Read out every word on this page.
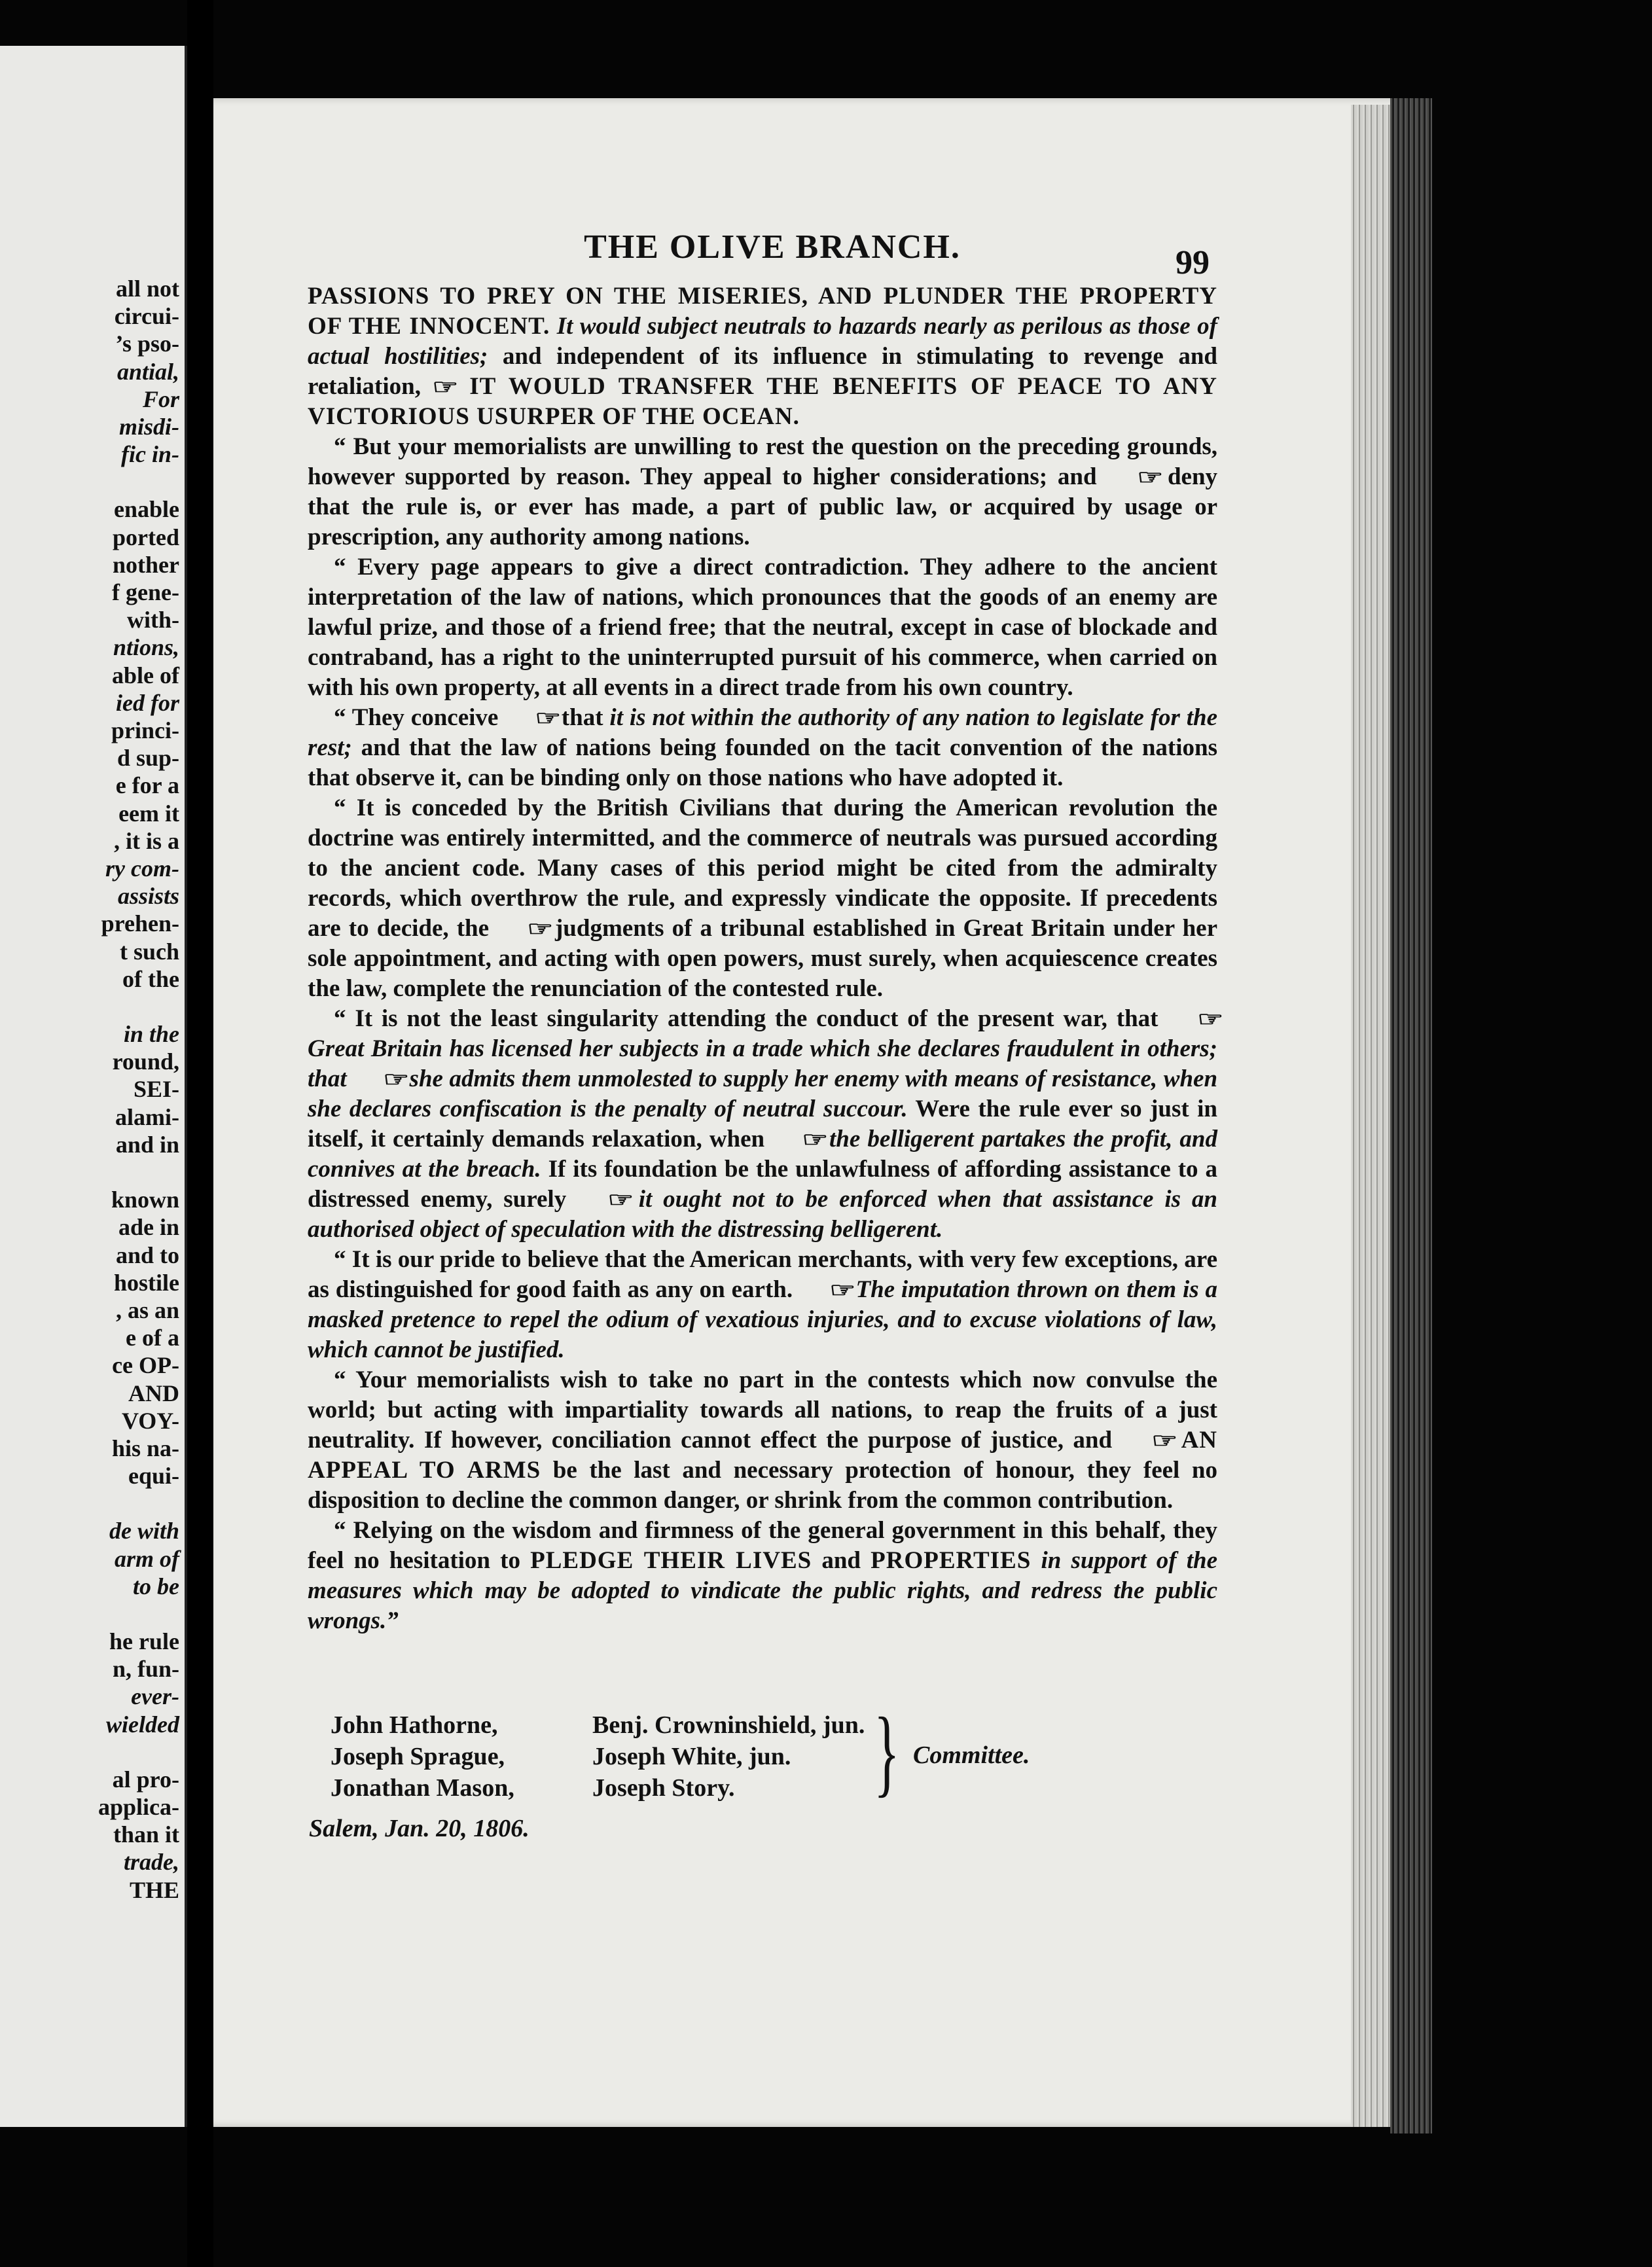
all not
circui-
’s pso-
antial,
For
misdi-
fic in-
enable
ported
nother
f gene-
with-
ntions,
able of
ied for
princi-
d sup-
e for a
eem it
, it is a
ry com-
assists
prehen-
t such
of the
in the
round,
SEI-
alami-
and in
known
ade in
and to
hostile
, as an
e of a
ce OP-
AND
VOY-
his na-
equi-
de with
arm of
to be
he rule
n, fun-
ever-
wielded
al pro-
applica-
than it
trade,
THE
THE OLIVE BRANCH.	99

PASSIONS TO PREY ON THE MISERIES, AND PLUNDER THE PROPERTY OF THE INNOCENT. It would subject neutrals to hazards nearly as perilous as those of actual hostilities; and independent of its influence in stimulating to revenge and retaliation, ☞ IT WOULD TRANSFER THE BENEFITS OF PEACE TO ANY VICTORIOUS USURPER OF THE OCEAN.

“ But your memorialists are unwilling to rest the question on the preceding grounds, however supported by reason. They appeal to higher considerations; and ☞ deny that the rule is, or ever has made, a part of public law, or acquired by usage or prescription, any authority among nations.

“ Every page appears to give a direct contradiction. They adhere to the ancient interpretation of the law of nations, which pronounces that the goods of an enemy are lawful prize, and those of a friend free; that the neutral, except in case of blockade and contraband, has a right to the uninterrupted pursuit of his commerce, when carried on with his own property, at all events in a direct trade from his own country.

“ They conceive ☞ that it is not within the authority of any nation to legislate for the rest; and that the law of nations being founded on the tacit convention of the nations that observe it, can be binding only on those nations who have adopted it.

“ It is conceded by the British Civilians that during the American revolution the doctrine was entirely intermitted, and the commerce of neutrals was pursued according to the ancient code. Many cases of this period might be cited from the admiralty records, which overthrow the rule, and expressly vindicate the opposite. If precedents are to decide, the ☞ judgments of a tribunal established in Great Britain under her sole appointment, and acting with open powers, must surely, when acquiescence creates the law, complete the renunciation of the contested rule.

“ It is not the least singularity attending the conduct of the present war, that ☞ Great Britain has licensed her subjects in a trade which she declares fraudulent in others; that ☞ she admits them unmolested to supply her enemy with means of resistance, when she declares confiscation is the penalty of neutral succour. Were the rule ever so just in itself, it certainly demands relaxation, when ☞ the belligerent partakes the profit, and connives at the breach. If its foundation be the unlawfulness of affording assistance to a distressed enemy, surely ☞ it ought not to be enforced when that assistance is an authorised object of speculation with the distressing belligerent.

“ It is our pride to believe that the American merchants, with very few exceptions, are as distinguished for good faith as any on earth. ☞ The imputation thrown on them is a masked pretence to repel the odium of vexatious injuries, and to excuse violations of law, which cannot be justified.

“ Your memorialists wish to take no part in the contests which now convulse the world; but acting with impartiality towards all nations, to reap the fruits of a just neutrality. If however, conciliation cannot effect the purpose of justice, and ☞ AN APPEAL TO ARMS be the last and necessary protection of honour, they feel no disposition to decline the common danger, or shrink from the common contribution.

“ Relying on the wisdom and firmness of the general government in this behalf, they feel no hesitation to PLEDGE THEIR LIVES and PROPERTIES in support of the measures which may be adopted to vindicate the public rights, and redress the public wrongs.”

John Hathorne,
Joseph Sprague,
Jonathan Mason,
Benj. Crowninshield, jun.
Joseph White, jun.
Joseph Story.	} Committee.
Salem, Jan. 20, 1806.
